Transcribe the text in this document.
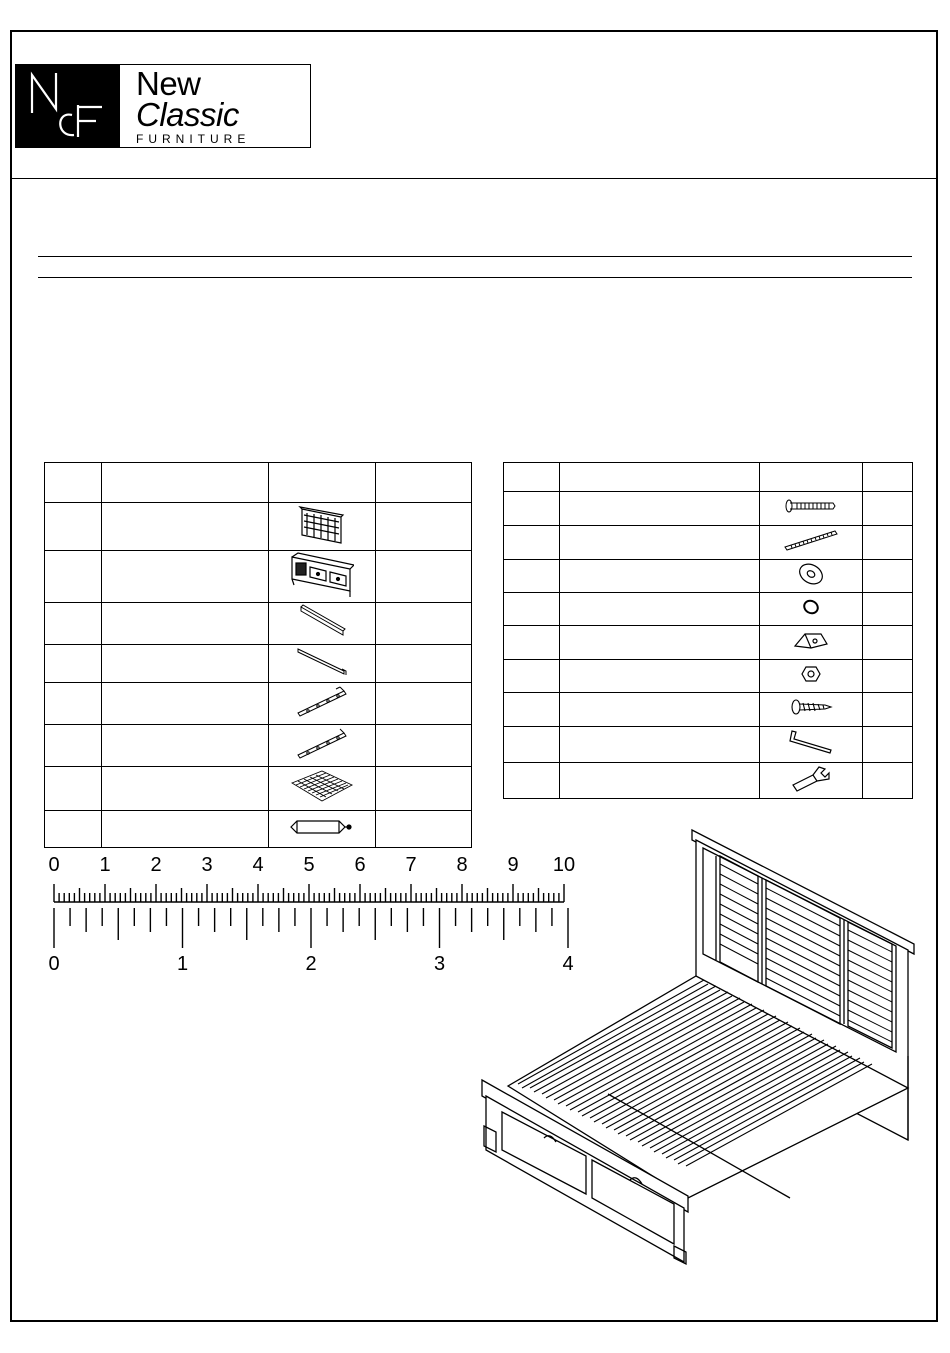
New
Classic
FURNITURE

0 1 2 3 4 5 6 7 8 9 10
0	1	2	3	4
